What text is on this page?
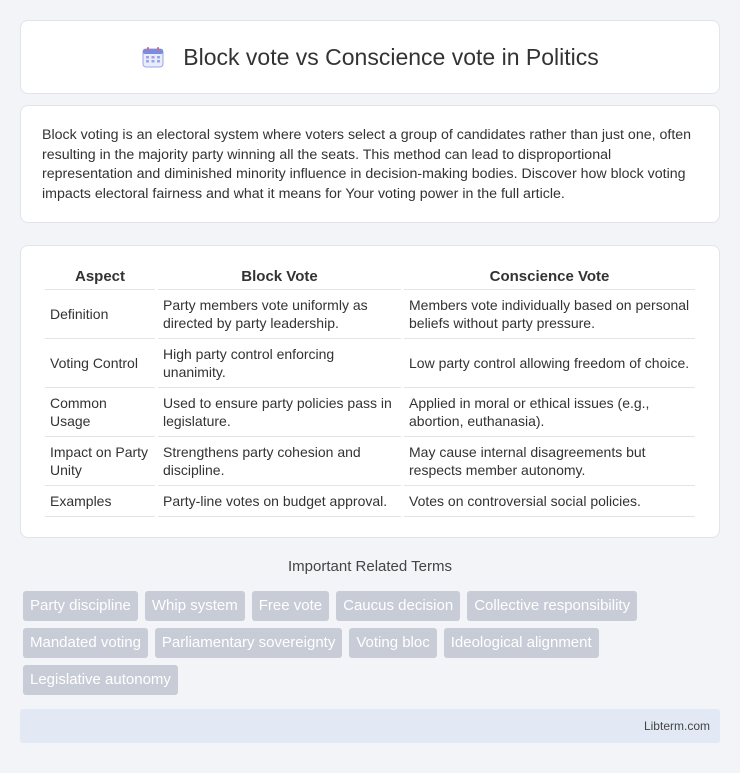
Block vote vs Conscience vote in Politics

Block voting is an electoral system where voters select a group of candidates rather than just one, often resulting in the majority party winning all the seats. This method can lead to disproportional representation and diminished minority influence in decision-making bodies. Discover how block voting impacts electoral fairness and what it means for Your voting power in the full article.

Aspect	Block Vote	Conscience Vote
Definition	Party members vote uniformly as directed by party leadership.	Members vote individually based on personal beliefs without party pressure.
Voting Control	High party control enforcing unanimity.	Low party control allowing freedom of choice.
Common Usage	Used to ensure party policies pass in legislature.	Applied in moral or ethical issues (e.g., abortion, euthanasia).
Impact on Party Unity	Strengthens party cohesion and discipline.	May cause internal disagreements but respects member autonomy.
Examples	Party-line votes on budget approval.	Votes on controversial social policies.
Important Related Terms
Party discipline	Whip system	Free vote	Caucus decision	Collective responsibility
Mandated voting	Parliamentary sovereignty	Voting bloc	Ideological alignment
Legislative autonomy
Libterm.com
